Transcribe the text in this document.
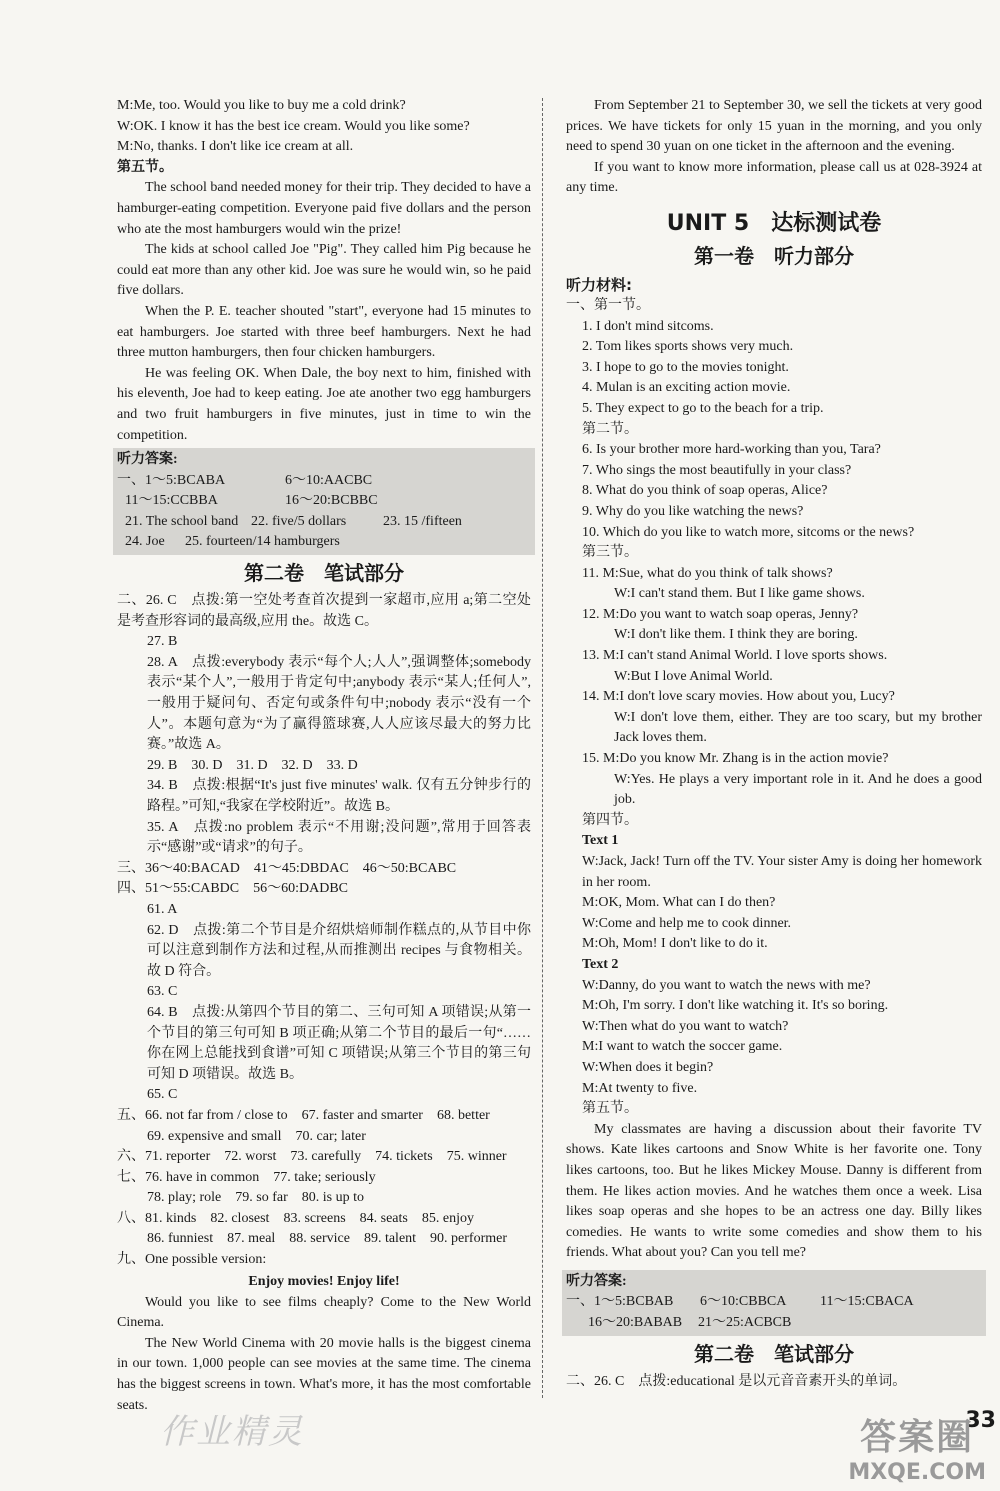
M:Me, too. Would you like to buy me a cold drink?
W:OK. I know it has the best ice cream. Would you like some?
M:No, thanks. I don't like ice cream at all.
第五节。
The school band needed money for their trip. They decided to have a hamburger-eating competition. Everyone paid five dollars and the person who ate the most hamburgers would win the prize!
The kids at school called Joe "Pig". They called him Pig because he could eat more than any other kid. Joe was sure he would win, so he paid five dollars.
When the P. E. teacher shouted "start", everyone had 15 minutes to eat hamburgers. Joe started with three beef hamburgers. Next he had three mutton hamburgers, then four chicken hamburgers.
He was feeling OK. When Dale, the boy next to him, finished with his eleventh, Joe had to keep eating. Joe ate another two egg hamburgers and two fruit hamburgers in five minutes, just in time to win the competition.
听力答案:
一、1～5:BCABA	6～10:AACBC
11～15:CCBBA	16～20:BCBBC
21. The school band 22. five/5 dollars	23. 15 /fifteen
24. Joe	25. fourteen/14 hamburgers
第二卷　笔试部分
二、26. C　点拨:第一空处考查首次提到一家超市,应用 a;第二空处是考查形容词的最高级,应用 the。故选 C。
27. B
28. A　点拨:everybody 表示“每个人;人人”,强调整体;somebody 表示“某个人”,一般用于肯定句中;anybody 表示“某人;任何人”,一般用于疑问句、否定句或条件句中;nobody 表示“没有一个人”。本题句意为“为了赢得篮球赛,人人应该尽最大的努力比赛。”故选 A。
29. B　30. D　31. D　32. D　33. D
34. B　点拨:根据“It's just five minutes' walk. 仅有五分钟步行的路程。”可知,“我家在学校附近”。故选 B。
35. A　点拨:no problem 表示“不用谢;没问题”,常用于回答表示“感谢”或“请求”的句子。
三、36～40:BACAD　41～45:DBDAC　46～50:BCABC
四、51～55:CABDC　56～60:DADBC
61. A
62. D　点拨:第二个节目是介绍烘焙师制作糕点的,从节目中你可以注意到制作方法和过程,从而推测出 recipes 与食物相关。故 D 符合。
63. C
64. B　点拨:从第四个节目的第二、三句可知 A 项错误;从第一个节目的第三句可知 B 项正确;从第二个节目的最后一句“……你在网上总能找到食谱”可知 C 项错误;从第三个节目的第三句可知 D 项错误。故选 B。
65. C
五、66. not far from / close to　67. faster and smarter　68. better
69. expensive and small　70. car; later
六、71. reporter　72. worst　73. carefully　74. tickets　75. winner
七、76. have in common　77. take; seriously
78. play; role　79. so far　80. is up to
八、81. kinds　82. closest　83. screens　84. seats　85. enjoy
86. funniest　87. meal　88. service　89. talent　90. performer
九、One possible version:
Enjoy movies! Enjoy life!
Would you like to see films cheaply? Come to the New World Cinema.
The New World Cinema with 20 movie halls is the biggest cinema in our town. 1,000 people can see movies at the same time. The cinema has the biggest screens in town. What's more, it has the most comfortable seats.
From September 21 to September 30, we sell the tickets at very good prices. We have tickets for only 15 yuan in the morning, and you only need to spend 30 yuan on one ticket in the afternoon and the evening.
If you want to know more information, please call us at 028-3924 at any time.
UNIT 5　达标测试卷
第一卷　听力部分
听力材料:
一、第一节。
1. I don't mind sitcoms.
2. Tom likes sports shows very much.
3. I hope to go to the movies tonight.
4. Mulan is an exciting action movie.
5. They expect to go to the beach for a trip.
第二节。
6. Is your brother more hard-working than you, Tara?
7. Who sings the most beautifully in your class?
8. What do you think of soap operas, Alice?
9. Why do you like watching the news?
10. Which do you like to watch more, sitcoms or the news?
第三节。
11. M:Sue, what do you think of talk shows?
W:I can't stand them. But I like game shows.
12. M:Do you want to watch soap operas, Jenny?
W:I don't like them. I think they are boring.
13. M:I can't stand Animal World. I love sports shows.
W:But I love Animal World.
14. M:I don't love scary movies. How about you, Lucy?
W:I don't love them, either. They are too scary, but my brother Jack loves them.
15. M:Do you know Mr. Zhang is in the action movie?
W:Yes. He plays a very important role in it. And he does a good job.
第四节。
Text 1
W:Jack, Jack! Turn off the TV. Your sister Amy is doing her homework in her room.
M:OK, Mom. What can I do then?
W:Come and help me to cook dinner.
M:Oh, Mom! I don't like to do it.
Text 2
W:Danny, do you want to watch the news with me?
M:Oh, I'm sorry. I don't like watching it. It's so boring.
W:Then what do you want to watch?
M:I want to watch the soccer game.
W:When does it begin?
M:At twenty to five.
第五节。
My classmates are having a discussion about their favorite TV shows. Kate likes cartoons and Snow White is her favorite one. Tony likes cartoons, too. But he likes Mickey Mouse. Danny is different from them. He likes action movies. And he watches them once a week. Lisa likes soap operas and she hopes to be an actress one day. Billy likes comedies. He wants to write some comedies and show them to his friends. What about you? Can you tell me?
听力答案:
一、1～5:BCBAB	6～10:CBBCA	11～15:CBACA
16～20:BABAB	21～25:ACBCB
第二卷　笔试部分
二、26. C　点拨:educational 是以元音音素开头的单词。
作业精灵	33
答案圈
MXQE.COM
